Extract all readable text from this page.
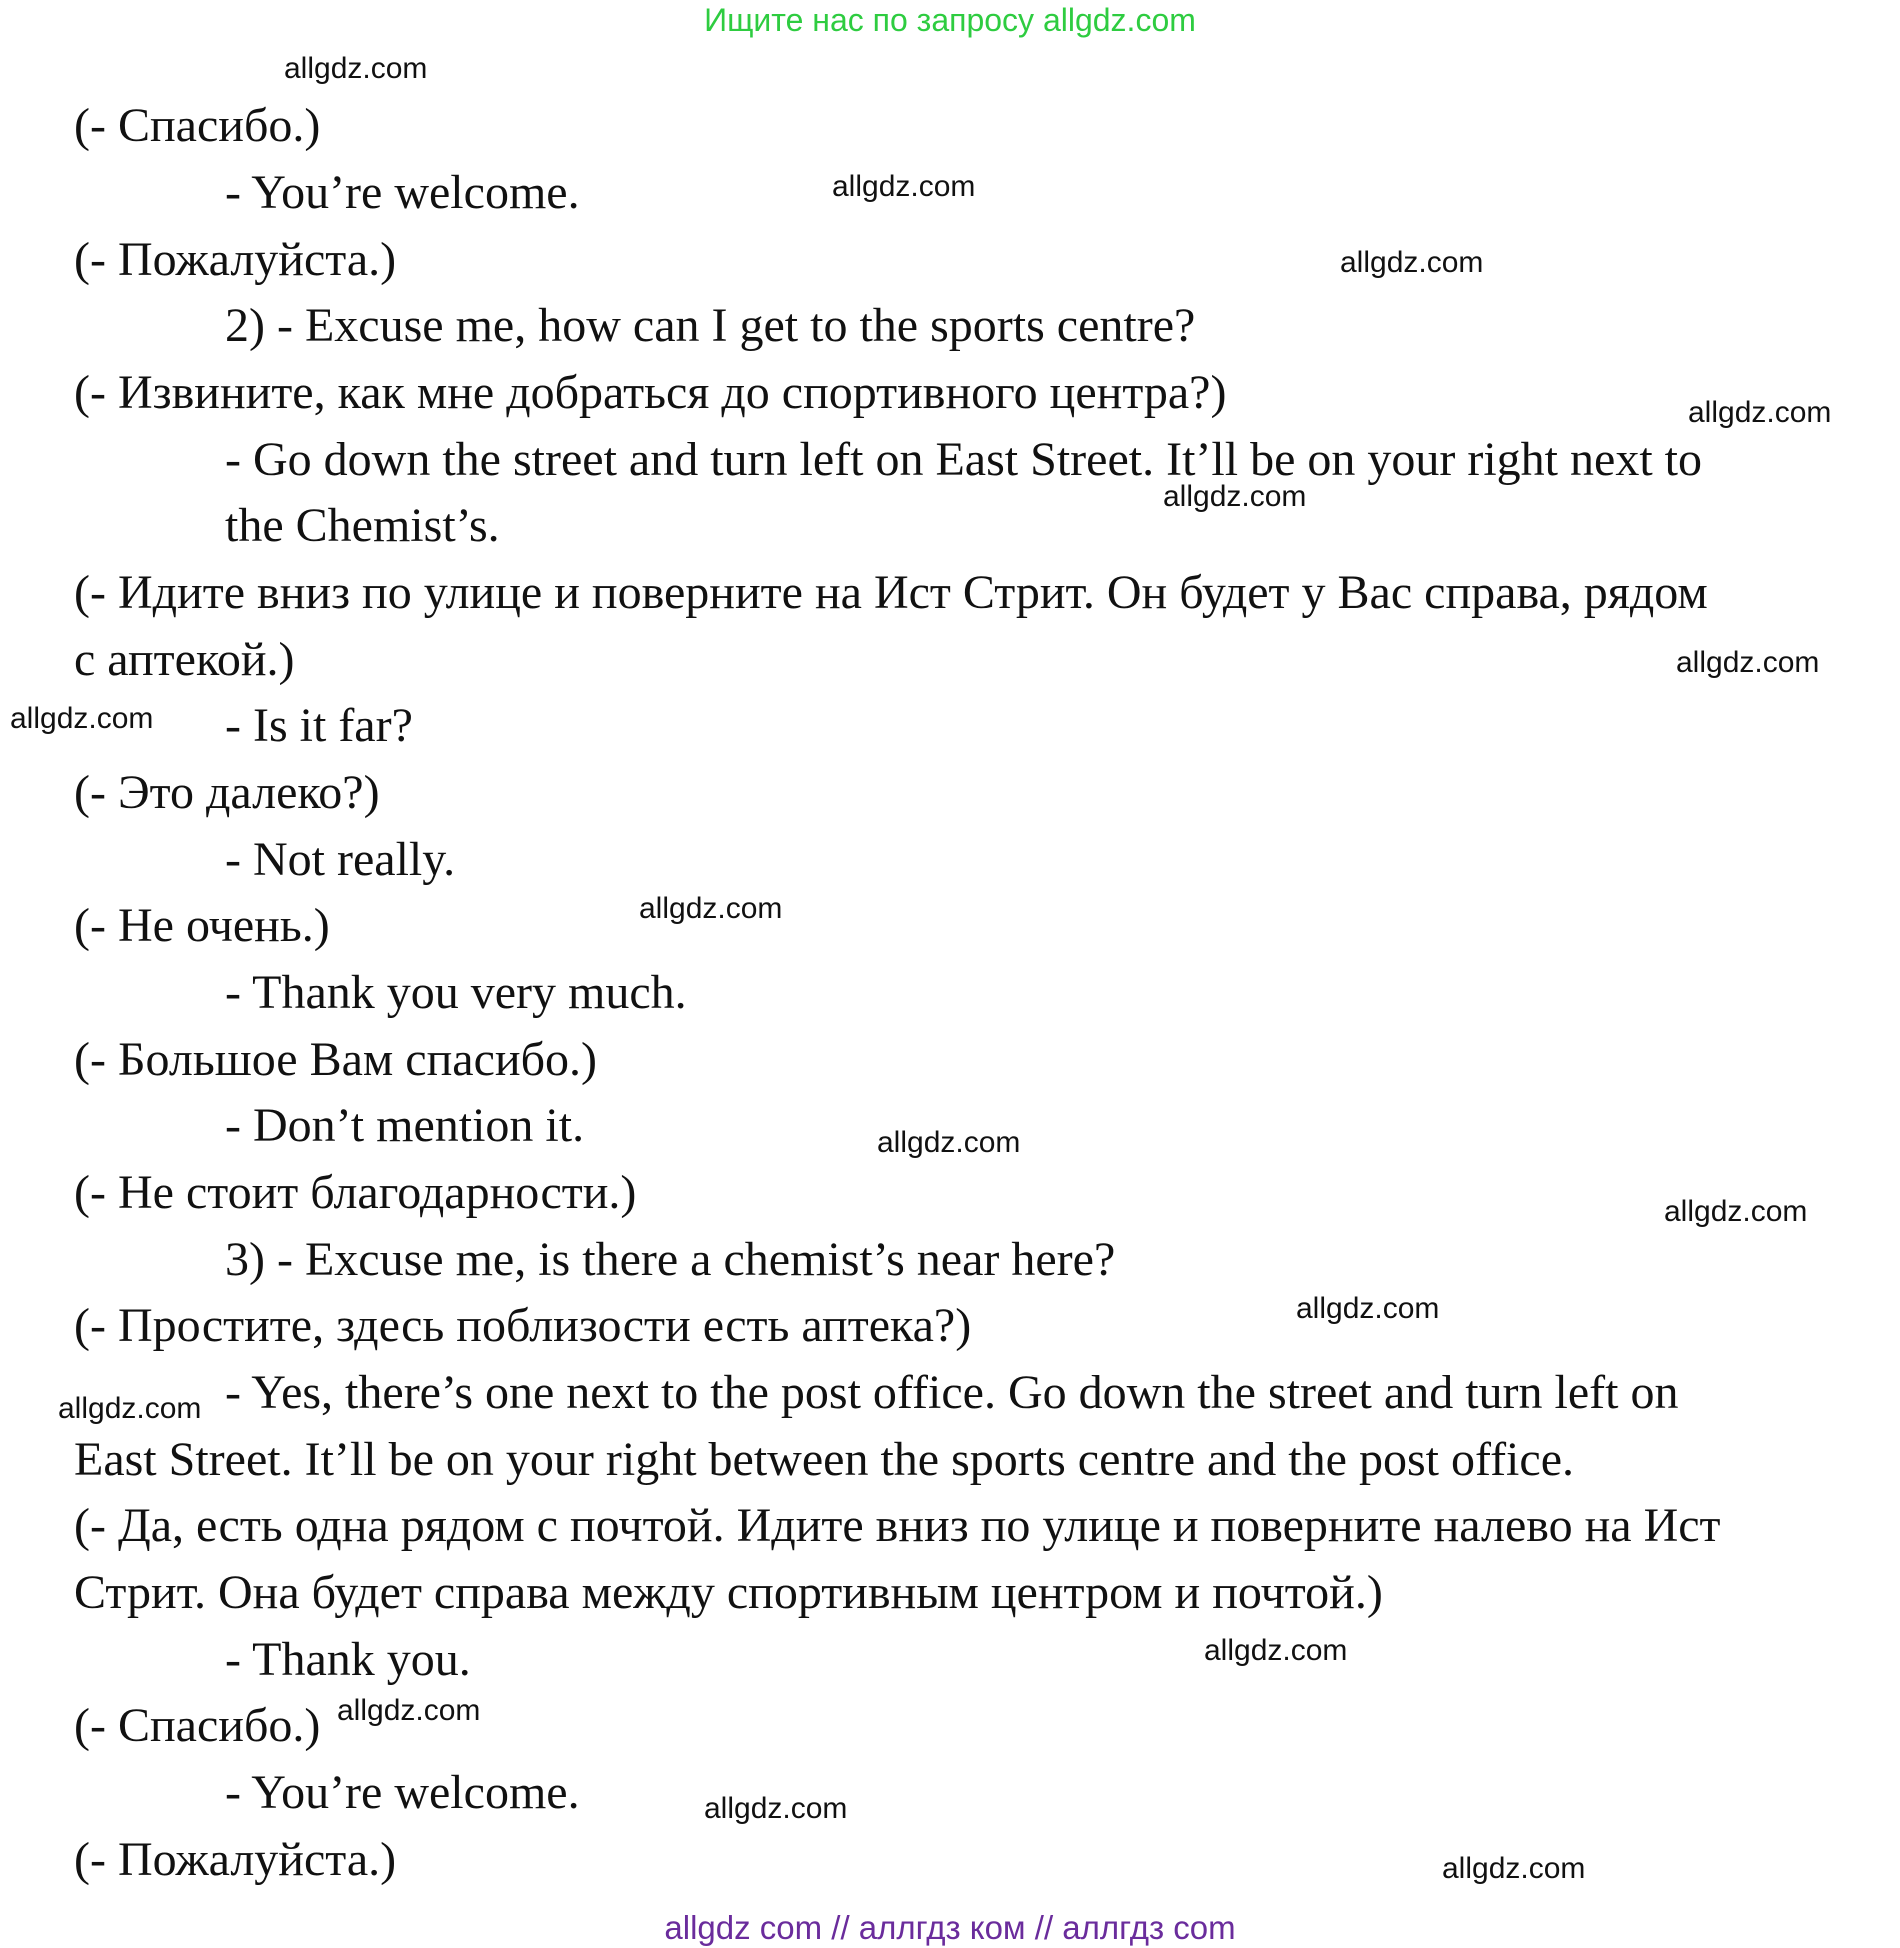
Ищите нас по запросу allgdz.com
(- Спасибо.)
- You’re welcome.
(- Пожалуйста.)
2) - Excuse me, how can I get to the sports centre?
(- Извините, как мне добраться до спортивного центра?)
- Go down the street and turn left on East Street. It’ll be on your right next to
the Chemist’s.
(- Идите вниз по улице и поверните на Ист Стрит. Он будет у Вас справа, рядом
с аптекой.)
- Is it far?
(- Это далеко?)
- Not really.
(- Не очень.)
- Thank you very much.
(- Большое Вам спасибо.)
- Don’t mention it.
(- Не стоит благодарности.)
3) - Excuse me, is there a chemist’s near here?
(- Простите, здесь поблизости есть аптека?)
- Yes, there’s one next to the post office. Go down the street and turn left on
East Street. It’ll be on your right between the sports centre and the post office.
(- Да, есть одна рядом с почтой. Идите вниз по улице и поверните налево на Ист
Стрит. Она будет справа между спортивным центром и почтой.)
- Thank you.
(- Спасибо.)
- You’re welcome.
(- Пожалуйста.)
allgdz.com
allgdz.com
allgdz.com
allgdz.com
allgdz.com
allgdz.com
allgdz.com
allgdz.com
allgdz.com
allgdz.com
allgdz.com
allgdz.com
allgdz.com
allgdz.com
allgdz.com
allgdz.com
allgdz com // аллгдз ком // аллгдз com
